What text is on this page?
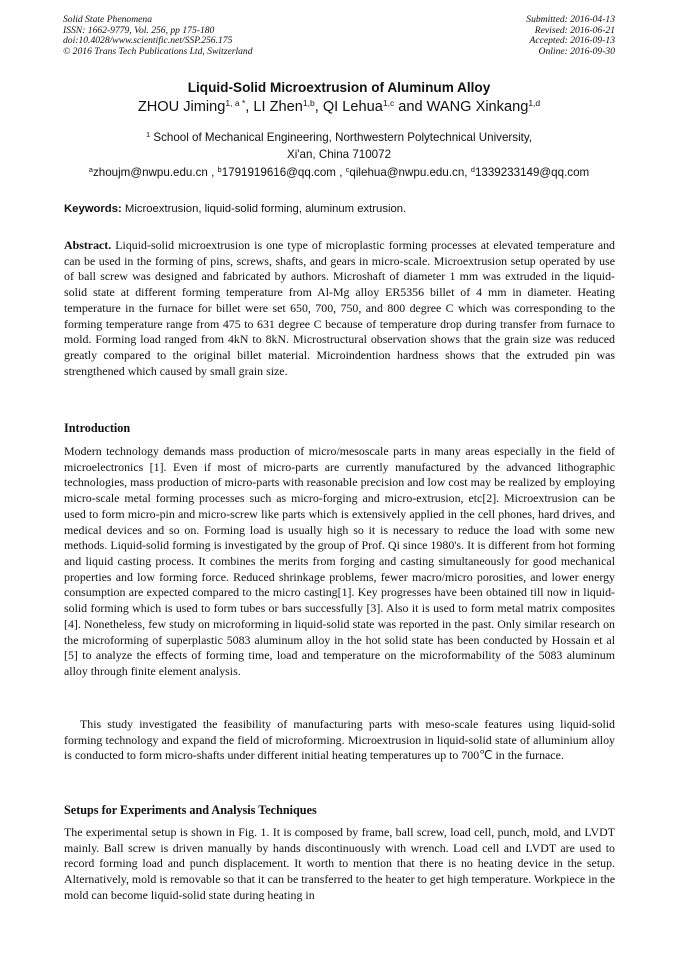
Solid State Phenomena
ISSN: 1662-9779, Vol. 256, pp 175-180
doi:10.4028/www.scientific.net/SSP.256.175
© 2016 Trans Tech Publications Ltd, Switzerland
Submitted: 2016-04-13
Revised: 2016-06-21
Accepted: 2016-09-13
Online: 2016-09-30
Liquid-Solid Microextrusion of Aluminum Alloy
ZHOU Jiming$^{1, a *}$, LI Zhen$^{1,b}$, QI Lehua$^{1,c}$ and WANG Xinkang$^{1,d}$
$^1$ School of Mechanical Engineering, Northwestern Polytechnical University,
Xi'an, China 710072
$^a$zhoujm@nwpu.edu.cn , $^b$1791919616@qq.com , $^c$qilehua@nwpu.edu.cn, $^d$1339233149@qq.com
Keywords: Microextrusion, liquid-solid forming, aluminum extrusion.

Abstract. Liquid-solid microextrusion is one type of microplastic forming processes at elevated temperature and can be used in the forming of pins, screws, shafts, and gears in micro-scale. Microextrusion setup operated by use of ball screw was designed and fabricated by authors. Microshaft of diameter 1 mm was extruded in the liquid-solid state at different forming temperature from Al-Mg alloy ER5356 billet of 4 mm in diameter. Heating temperature in the furnace for billet were set 650, 700, 750, and 800 degree C which was corresponding to the forming temperature range from 475 to 631 degree C because of temperature drop during transfer from furnace to mold. Forming load ranged from 4kN to 8kN. Microstructural observation shows that the grain size was reduced greatly compared to the original billet material. Microindention hardness shows that the extruded pin was strengthened which caused by small grain size.

Introduction
Modern technology demands mass production of micro/mesoscale parts in many areas especially in the field of microelectronics [1]. Even if most of micro-parts are currently manufactured by the advanced lithographic technologies, mass production of micro-parts with reasonable precision and low cost may be realized by employing micro-scale metal forming processes such as micro-forging and micro-extrusion, etc[2]. Microextrusion can be used to form micro-pin and micro-screw like parts which is extensively applied in the cell phones, hard drives, and medical devices and so on. Forming load is usually high so it is necessary to reduce the load with some new methods. Liquid-solid forming is investigated by the group of Prof. Qi since 1980's. It is different from hot forming and liquid casting process. It combines the merits from forging and casting simultaneously for good mechanical properties and low forming force. Reduced shrinkage problems, fewer macro/micro porosities, and lower energy consumption are expected compared to the micro casting[1]. Key progresses have been obtained till now in liquid-solid forming which is used to form tubes or bars successfully [3]. Also it is used to form metal matrix composites [4]. Nonetheless, few study on microforming in liquid-solid state was reported in the past. Only similar research on the microforming of superplastic 5083 aluminum alloy in the hot solid state has been conducted by Hossain et al [5] to analyze the effects of forming time, load and temperature on the microformability of the 5083 aluminum alloy through finite element analysis.
This study investigated the feasibility of manufacturing parts with meso-scale features using liquid-solid forming technology and expand the field of microforming. Microextrusion in liquid-solid state of alluminium alloy is conducted to form micro-shafts under different initial heating temperatures up to 700℃ in the furnace.
Setups for Experiments and Analysis Techniques
The experimental setup is shown in Fig. 1. It is composed by frame, ball screw, load cell, punch, mold, and LVDT mainly. Ball screw is driven manually by hands discontinuously with wrench. Load cell and LVDT are used to record forming load and punch displacement. It worth to mention that there is no heating device in the setup. Alternatively, mold is removable so that it can be transferred to the heater to get high temperature. Workpiece in the mold can become liquid-solid state during heating in
